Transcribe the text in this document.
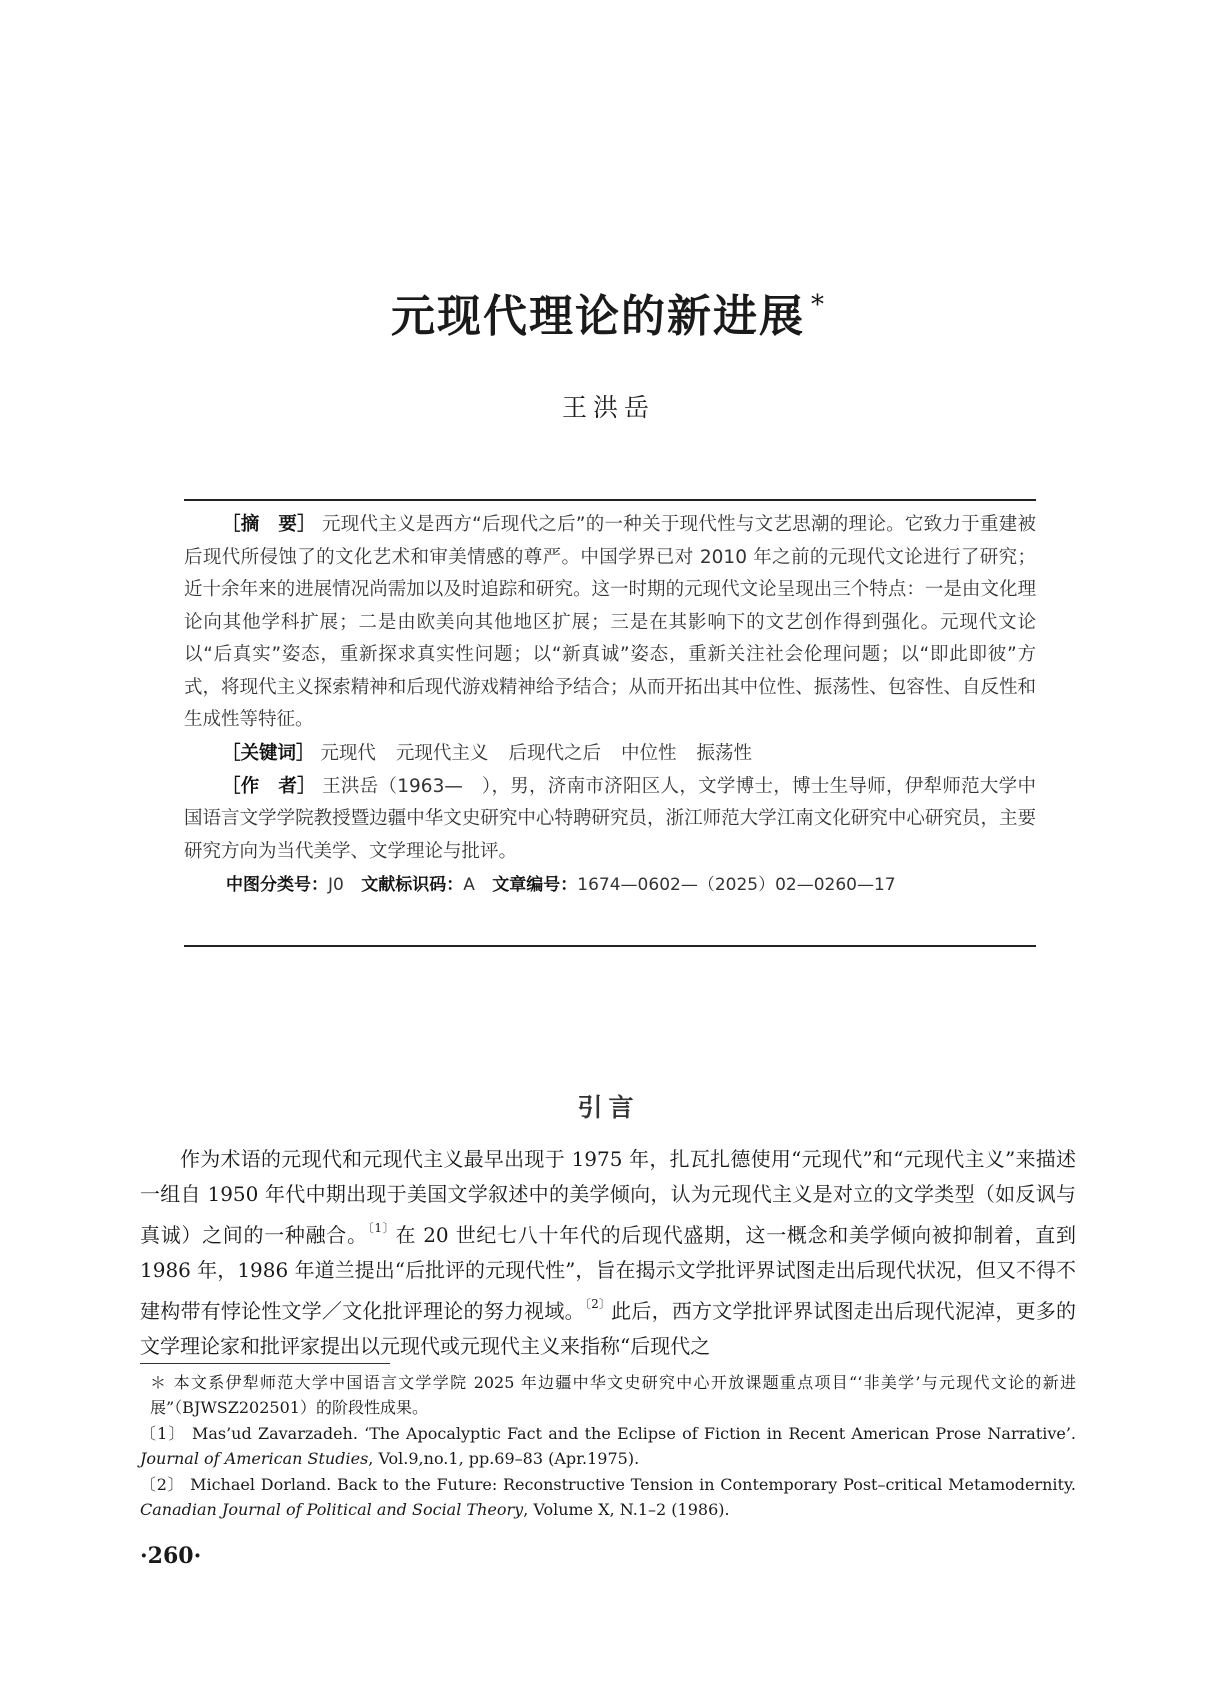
元现代理论的新进展 *

王洪岳

［摘　要］ 元现代主义是西方“后现代之后”的一种关于现代性与文艺思潮的理论。它致力于重建被后现代所侵蚀了的文化艺术和审美情感的尊严。中国学界已对 2010 年之前的元现代文论进行了研究；近十余年来的进展情况尚需加以及时追踪和研究。这一时期的元现代文论呈现出三个特点：一是由文化理论向其他学科扩展；二是由欧美向其他地区扩展；三是在其影响下的文艺创作得到强化。元现代文论以“后真实”姿态，重新探求真实性问题；以“新真诚”姿态，重新关注社会伦理问题；以“即此即彼”方式，将现代主义探索精神和后现代游戏精神给予结合；从而开拓出其中位性、振荡性、包容性、自反性和生成性等特征。

［关键词］ 元现代 元现代主义 后现代之后 中位性 振荡性

［作　者］ 王洪岳（1963—　），男，济南市济阳区人，文学博士，博士生导师，伊犁师范大学中国语言文学学院教授暨边疆中华文史研究中心特聘研究员，浙江师范大学江南文化研究中心研究员，主要研究方向为当代美学、文学理论与批评。

中图分类号：J0 文献标识码：A 文章编号：1674—0602—（2025）02—0260—17

引言

作为术语的元现代和元现代主义最早出现于 1975 年，扎瓦扎德使用“元现代”和“元现代主义”来描述一组自 1950 年代中期出现于美国文学叙述中的美学倾向，认为元现代主义是对立的文学类型（如反讽与真诚）之间的一种融合。$^{〔1〕}$在 20 世纪七八十年代的后现代盛期，这一概念和美学倾向被抑制着，直到 1986 年，1986 年道兰提出“后批评的元现代性”，旨在揭示文学批评界试图走出后现代状况，但又不得不建构带有悖论性文学／文化批评理论的努力视域。$^{〔2〕}$此后，西方文学批评界试图走出后现代泥淖，更多的文学理论家和批评家提出以元现代或元现代主义来指称“后现代之

＊ 本文系伊犁师范大学中国语言文学学院 2025 年边疆中华文史研究中心开放课题重点项目“‘非美学’与元现代文论的新进展”（BJWSZ202501）的阶段性成果。

〔1〕 Mas’ud Zavarzadeh. ‘The Apocalyptic Fact and the Eclipse of Fiction in Recent American Prose Narrative’. Journal of American Studies, Vol.9,no.1, pp.69–83 (Apr.1975).

〔2〕 Michael Dorland. Back to the Future: Reconstructive Tension in Contemporary Post–critical Metamodernity. Canadian Journal of Political and Social Theory, Volume X, N.1–2 (1986).

·260·
